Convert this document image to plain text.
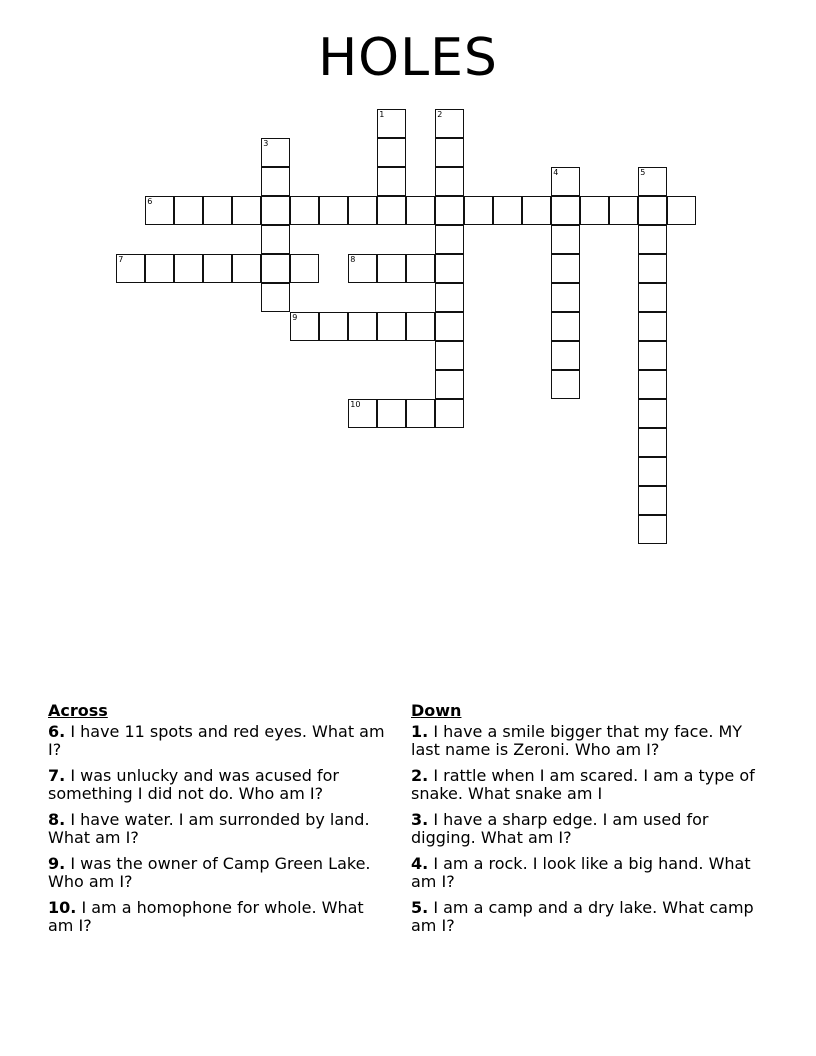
HOLES
1	2
3
4	5
6
7	8
9
10
Across
6. I have 11 spots and red eyes. What am I?
7. I was unlucky and was acused for something I did not do. Who am I?
8. I have water. I am surronded by land. What am I?
9. I was the owner of Camp Green Lake. Who am I?
10. I am a homophone for whole. What am I?
Down
1. I have a smile bigger that my face. MY last name is Zeroni. Who am I?
2. I rattle when I am scared. I am a type of snake. What snake am I
3. I have a sharp edge. I am used for digging. What am I?
4. I am a rock. I look like a big hand. What am I?
5. I am a camp and a dry lake. What camp am I?
